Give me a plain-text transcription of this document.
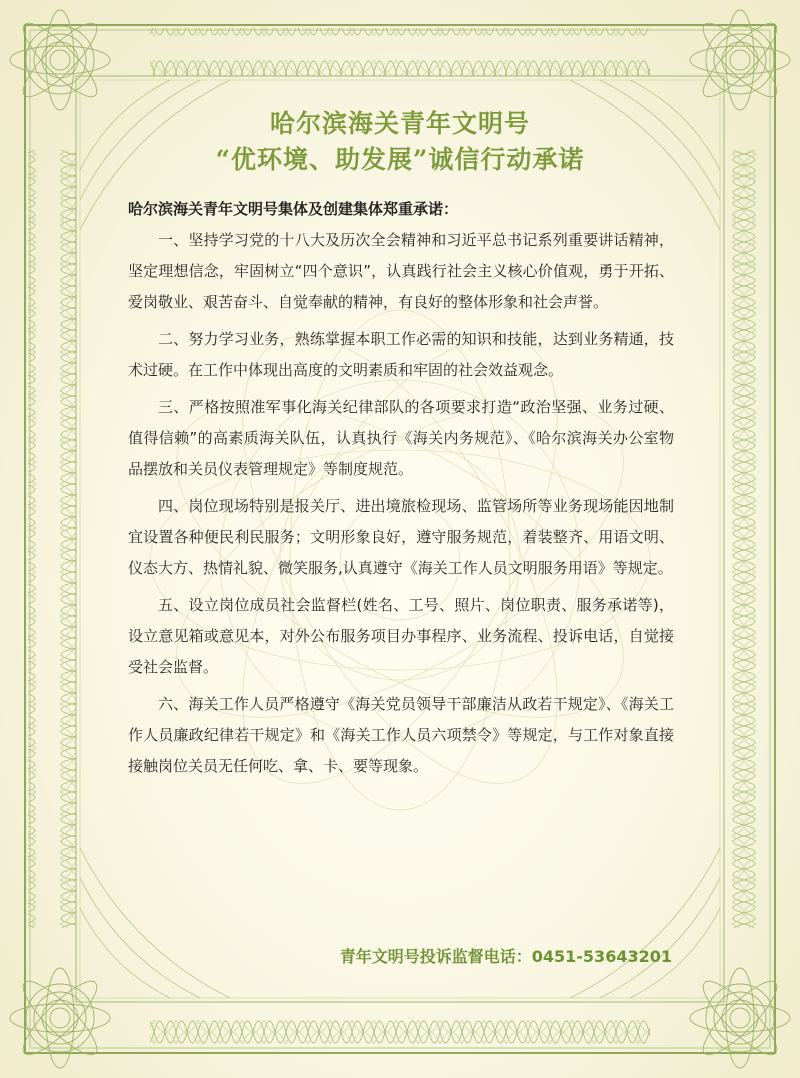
哈尔滨海关青年文明号
“优环境、助发展”诚信行动承诺
哈尔滨海关青年文明号集体及创建集体郑重承诺：

一、坚持学习党的十八大及历次全会精神和习近平总书记系列重要讲话精神，坚定理想信念，牢固树立“四个意识”，认真践行社会主义核心价值观，勇于开拓、爱岗敬业、艰苦奋斗、自觉奉献的精神，有良好的整体形象和社会声誉。

二、努力学习业务，熟练掌握本职工作必需的知识和技能，达到业务精通，技术过硬。在工作中体现出高度的文明素质和牢固的社会效益观念。

三、严格按照准军事化海关纪律部队的各项要求打造“政治坚强、业务过硬、值得信赖”的高素质海关队伍，认真执行《海关内务规范》、《哈尔滨海关办公室物品摆放和关员仪表管理规定》等制度规范。

四、岗位现场特别是报关厅、进出境旅检现场、监管场所等业务现场能因地制宜设置各种便民利民服务；文明形象良好，遵守服务规范，着装整齐、用语文明、仪态大方、热情礼貌、微笑服务,认真遵守《海关工作人员文明服务用语》等规定。

五、设立岗位成员社会监督栏(姓名、工号、照片、岗位职责、服务承诺等)，设立意见箱或意见本，对外公布服务项目办事程序、业务流程、投诉电话，自觉接受社会监督。

六、海关工作人员严格遵守《海关党员领导干部廉洁从政若干规定》、《海关工作人员廉政纪律若干规定》和《海关工作人员六项禁令》等规定，与工作对象直接接触岗位关员无任何吃、拿、卡、要等现象。

青年文明号投诉监督电话：0451-53643201
